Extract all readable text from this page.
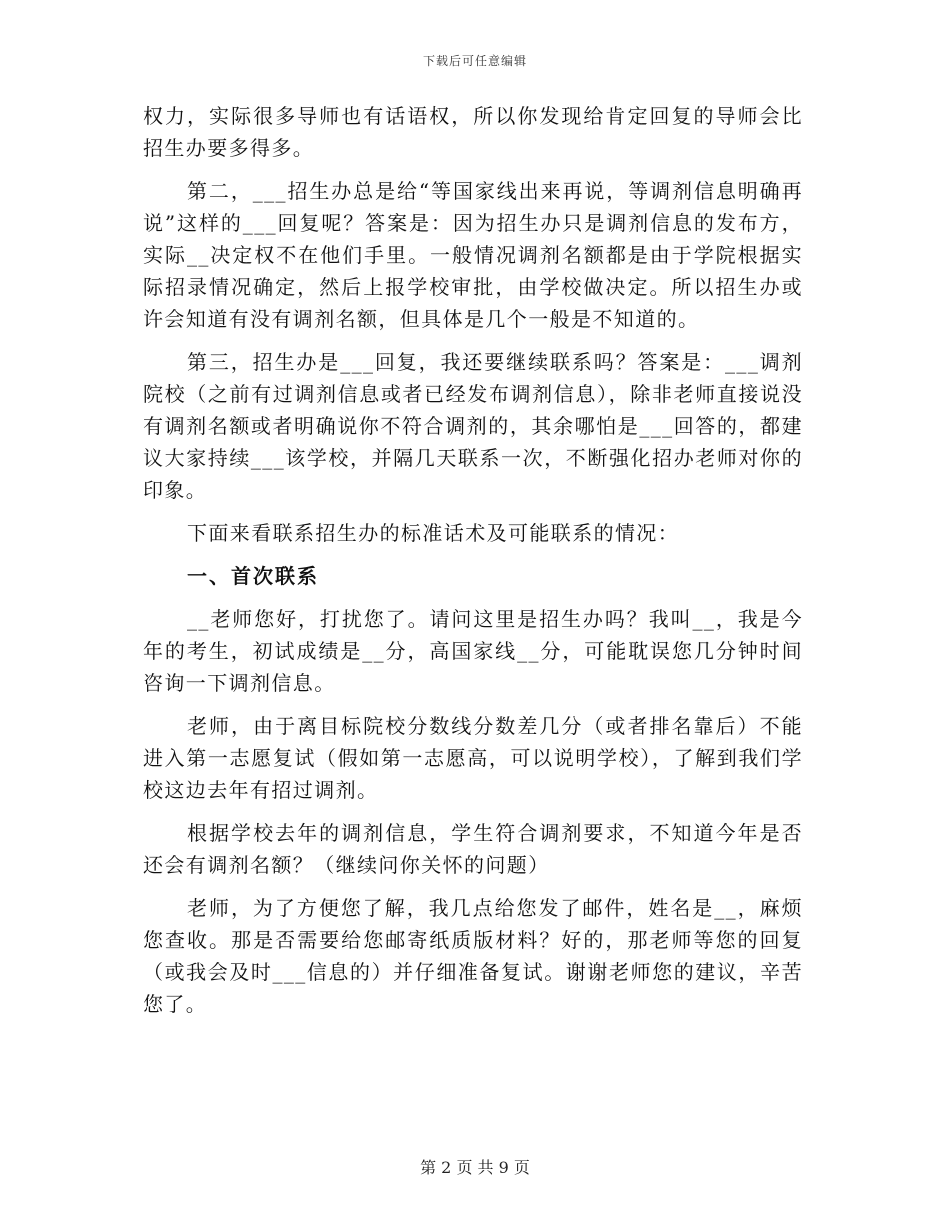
下载后可任意编辑

权力，实际很多导师也有话语权，所以你发现给肯定回复的导师会比招生办要多得多。

第二，___招生办总是给“等国家线出来再说，等调剂信息明确再说”这样的___回复呢？答案是：因为招生办只是调剂信息的发布方，实际__决定权不在他们手里。一般情况调剂名额都是由于学院根据实际招录情况确定，然后上报学校审批，由学校做决定。所以招生办或许会知道有没有调剂名额，但具体是几个一般是不知道的。

第三，招生办是___回复，我还要继续联系吗？答案是：___调剂院校（之前有过调剂信息或者已经发布调剂信息），除非老师直接说没有调剂名额或者明确说你不符合调剂的，其余哪怕是___回答的，都建议大家持续___该学校，并隔几天联系一次，不断强化招办老师对你的印象。

下面来看联系招生办的标准话术及可能联系的情况：

一、首次联系

__老师您好，打扰您了。请问这里是招生办吗？我叫__，我是今年的考生，初试成绩是__分，高国家线__分，可能耽误您几分钟时间咨询一下调剂信息。

老师，由于离目标院校分数线分数差几分（或者排名靠后）不能进入第一志愿复试（假如第一志愿高，可以说明学校），了解到我们学校这边去年有招过调剂。

根据学校去年的调剂信息，学生符合调剂要求，不知道今年是否还会有调剂名额？（继续问你关怀的问题）

老师，为了方便您了解，我几点给您发了邮件，姓名是__，麻烦您查收。那是否需要给您邮寄纸质版材料？好的，那老师等您的回复（或我会及时___信息的）并仔细准备复试。谢谢老师您的建议，辛苦您了。

第 2 页 共 9 页
